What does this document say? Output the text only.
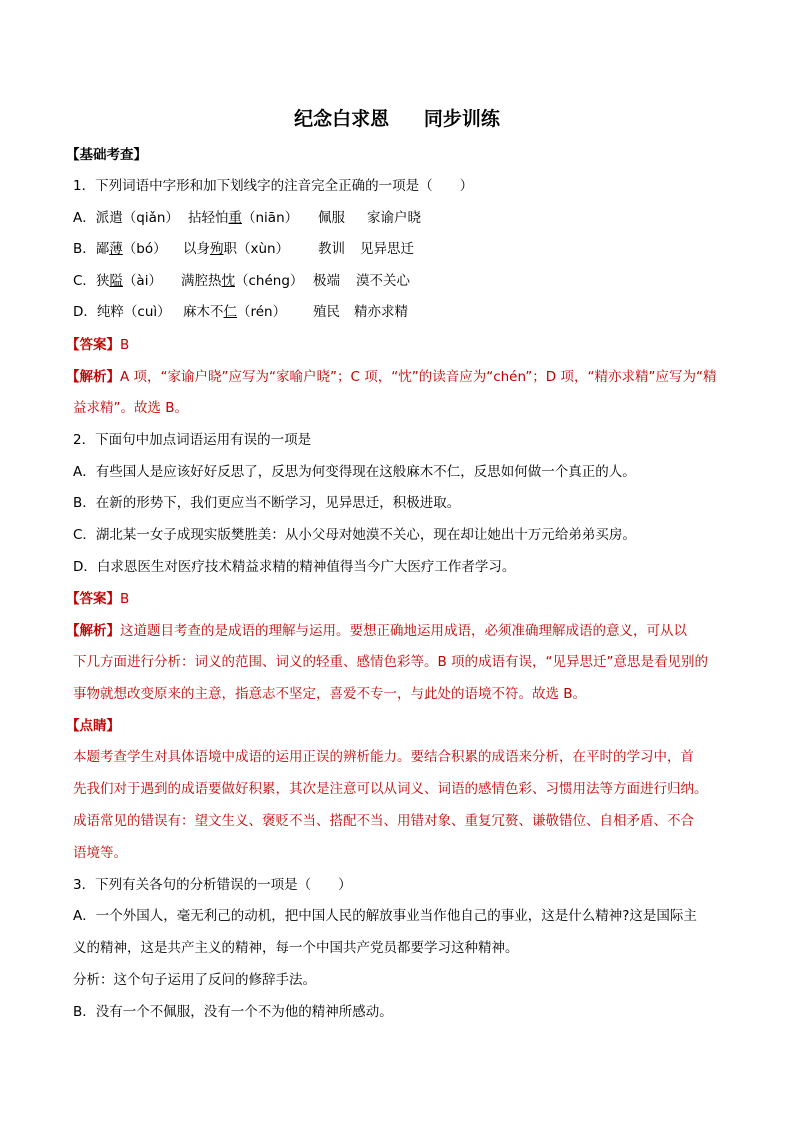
纪念白求恩 同步训练
【基础考查】
1．下列词语中字形和加下划线字的注音完全正确的一项是（　　）
A．派遣（qiǎn） 拈轻怕重（niān） 佩服 家谕户晓
B．鄙薄（bó） 以身殉职（xùn） 教训 见异思迁
C．狭隘（ài） 满腔热忱（chéng） 极端 漠不关心
D．纯粹（cuì） 麻木不仁（rén） 殖民 精亦求精
【答案】B
【解析】A 项，“家谕户晓”应写为“家喻户晓”；C 项，“忱”的读音应为“chén”；D 项，“精亦求精”应写为“精
益求精”。故选 B。
2．下面句中加点词语运用有误的一项是
A．有些国人是应该好好反思了，反思为何变得现在这般麻木不仁，反思如何做一个真正的人。
B．在新的形势下，我们更应当不断学习，见异思迁，积极进取。
C．湖北某一女子成现实版樊胜美：从小父母对她漠不关心，现在却让她出十万元给弟弟买房。
D．白求恩医生对医疗技术精益求精的精神值得当今广大医疗工作者学习。
【答案】B
【解析】这道题目考查的是成语的理解与运用。要想正确地运用成语，必须准确理解成语的意义，可从以
下几方面进行分析：词义的范围、词义的轻重、感情色彩等。B 项的成语有误，“见异思迁”意思是看见别的
事物就想改变原来的主意，指意志不坚定，喜爱不专一，与此处的语境不符。故选 B。
【点睛】
本题考查学生对具体语境中成语的运用正误的辨析能力。要结合积累的成语来分析，在平时的学习中，首
先我们对于遇到的成语要做好积累，其次是注意可以从词义、词语的感情色彩、习惯用法等方面进行归纳。
成语常见的错误有：望文生义、褒贬不当、搭配不当、用错对象、重复冗赘、谦敬错位、自相矛盾、不合
语境等。
3．下列有关各句的分析错误的一项是（　　）
A．一个外国人，毫无利己的动机，把中国人民的解放事业当作他自己的事业，这是什么精神?这是国际主
义的精神，这是共产主义的精神，每一个中国共产党员都要学习这种精神。
分析：这个句子运用了反问的修辞手法。
B．没有一个不佩服，没有一个不为他的精神所感动。
